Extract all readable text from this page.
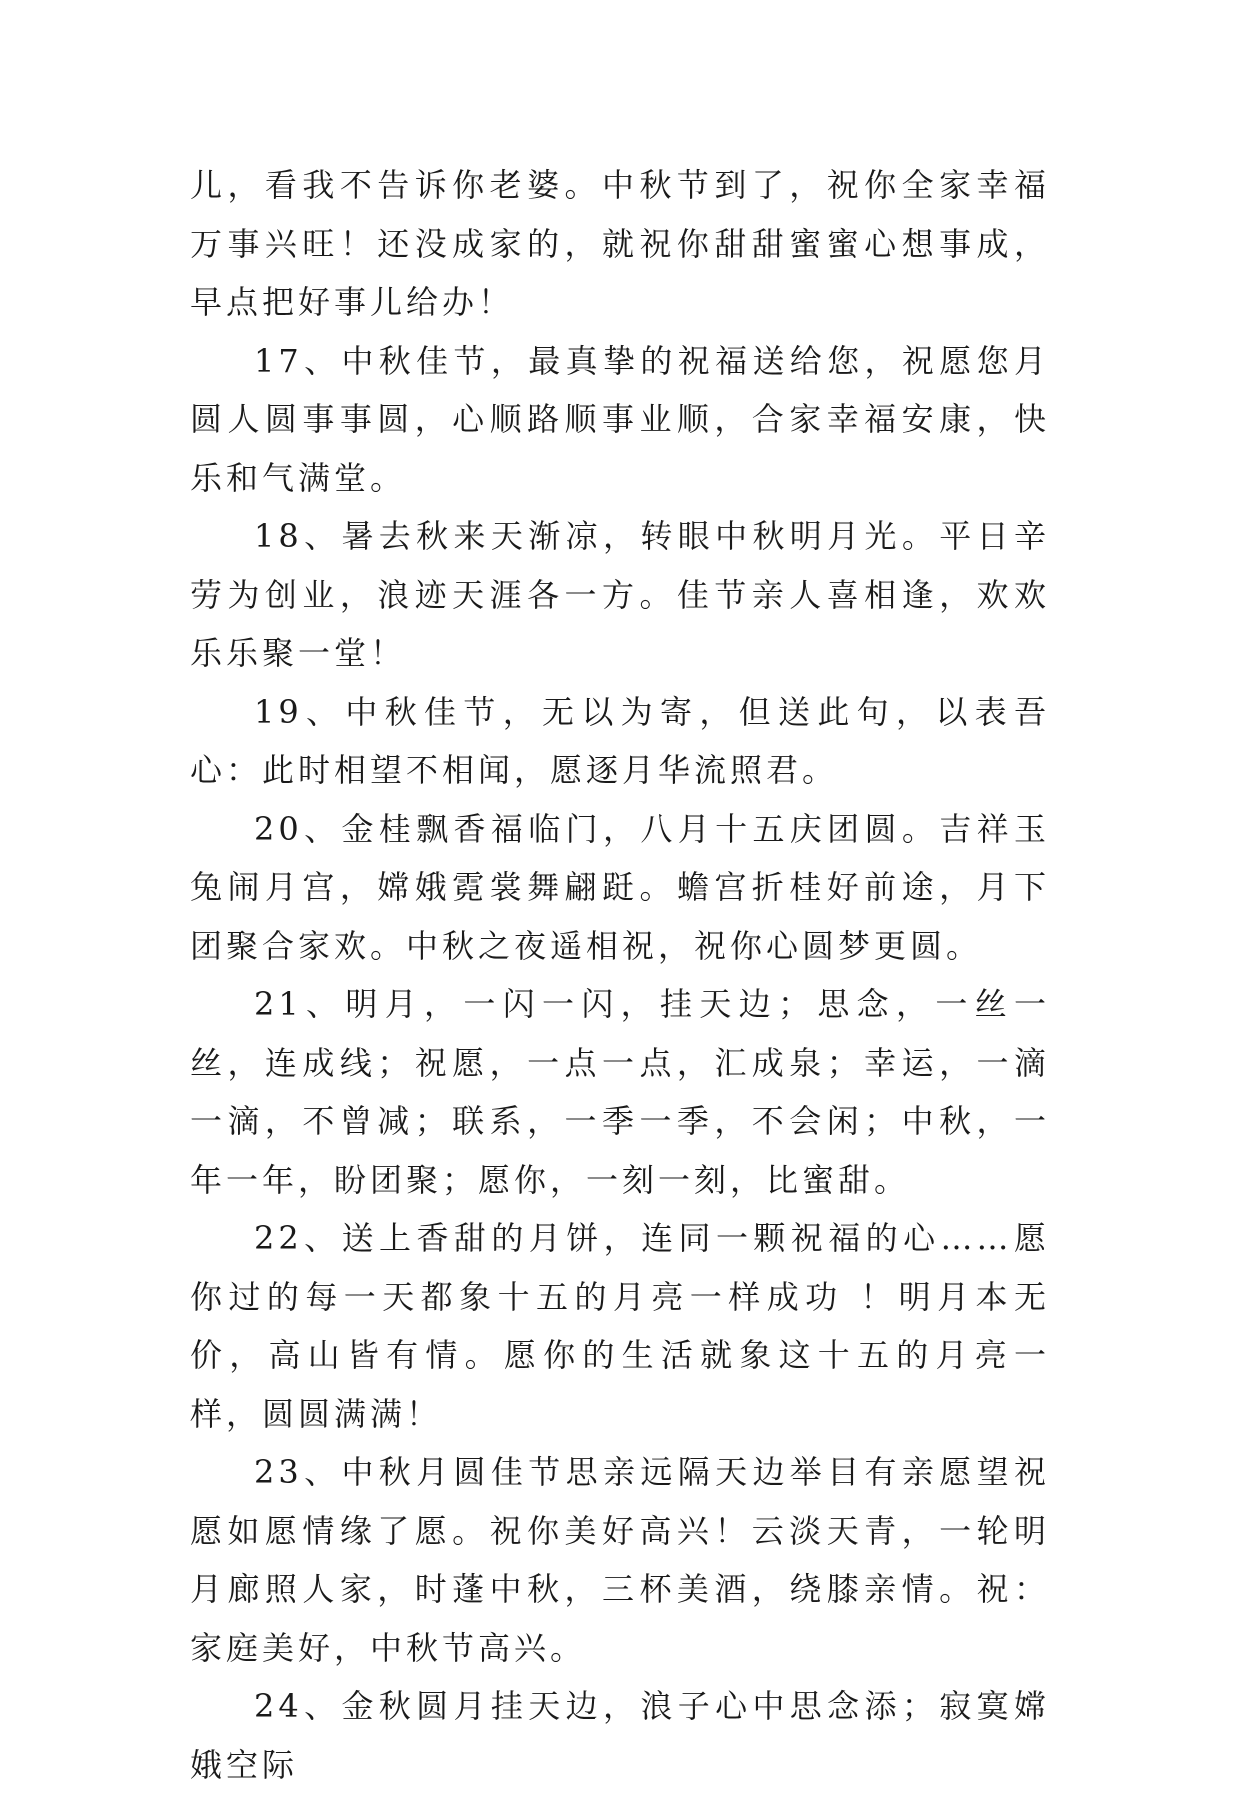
儿，看我不告诉你老婆。中秋节到了，祝你全家幸福万事兴旺！还没成家的，就祝你甜甜蜜蜜心想事成，早点把好事儿给办！

17、中秋佳节，最真挚的祝福送给您，祝愿您月圆人圆事事圆，心顺路顺事业顺，合家幸福安康，快乐和气满堂。

18、暑去秋来天渐凉，转眼中秋明月光。平日辛劳为创业，浪迹天涯各一方。佳节亲人喜相逢，欢欢乐乐聚一堂！

19、中秋佳节，无以为寄，但送此句，以表吾心：此时相望不相闻，愿逐月华流照君。

20、金桂飘香福临门，八月十五庆团圆。吉祥玉兔闹月宫，嫦娥霓裳舞翩跹。蟾宫折桂好前途，月下团聚合家欢。中秋之夜遥相祝，祝你心圆梦更圆。

21、明月，一闪一闪，挂天边；思念，一丝一丝，连成线；祝愿，一点一点，汇成泉；幸运，一滴一滴，不曾减；联系，一季一季，不会闲；中秋，一年一年，盼团聚；愿你，一刻一刻，比蜜甜。

22、送上香甜的月饼，连同一颗祝福的心……愿你过的每一天都象十五的月亮一样成功 ！明月本无价，高山皆有情。愿你的生活就象这十五的月亮一样，圆圆满满！

23、中秋月圆佳节思亲远隔天边举目有亲愿望祝愿如愿情缘了愿。祝你美好高兴！云淡天青，一轮明月廊照人家，时蓬中秋，三杯美酒，绕膝亲情。祝：家庭美好，中秋节高兴。

24、金秋圆月挂天边，浪子心中思念添；寂寞嫦娥空际
